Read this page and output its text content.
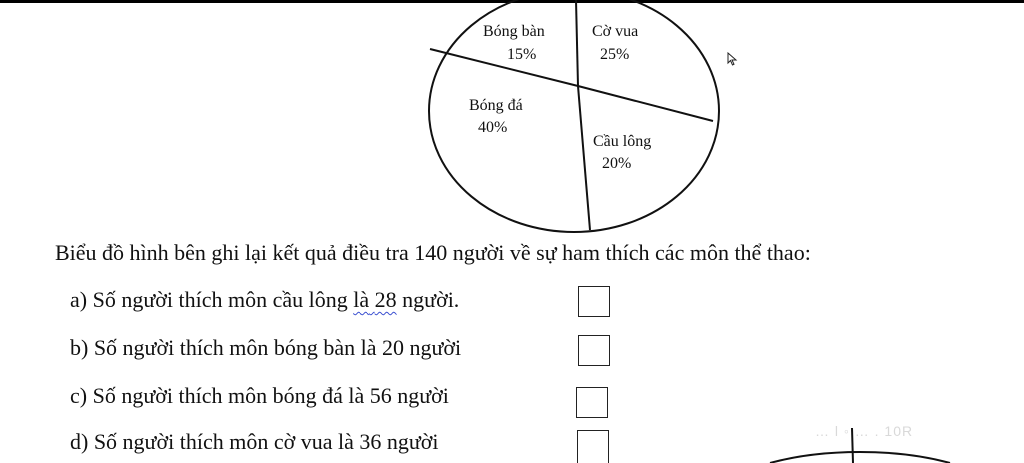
Bóng bàn
15%
Cờ vua
25%
Cầu lông
20%
Bóng đá
40%
… l ◦ … . 10R
Biểu đồ hình bên ghi lại kết quả điều tra 140 người về sự ham thích các môn thể thao:
a) Số người thích môn cầu lông là 28 người.
b) Số người thích môn bóng bàn là 20 người
c) Số người thích môn bóng đá là 56 người
d) Số người thích môn cờ vua là 36 người
